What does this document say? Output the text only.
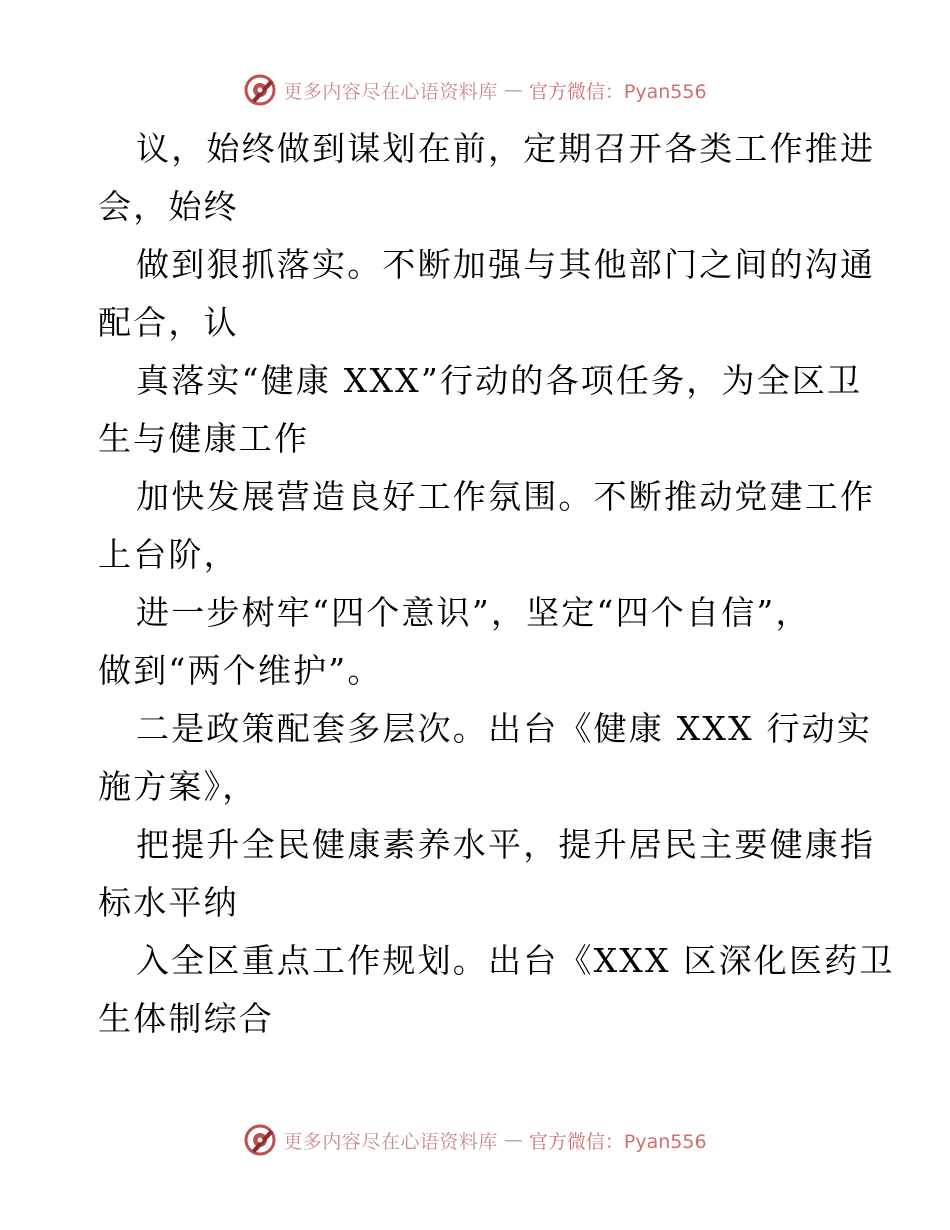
更多内容尽在心语资料库 — 官方微信：Pyan556

议，始终做到谋划在前，定期召开各类工作推进
会，始终

做到狠抓落实。不断加强与其他部门之间的沟通
配合，认

真落实“健康 XXX”行动的各项任务，为全区卫
生与健康工作

加快发展营造良好工作氛围。不断推动党建工作
上台阶，

进一步树牢“四个意识”，坚定“四个自信”，
做到“两个维护”。

二是政策配套多层次。出台《健康 XXX 行动实
施方案》，

把提升全民健康素养水平，提升居民主要健康指
标水平纳

入全区重点工作规划。出台《XXX 区深化医药卫
生体制综合

更多内容尽在心语资料库 — 官方微信：Pyan556
